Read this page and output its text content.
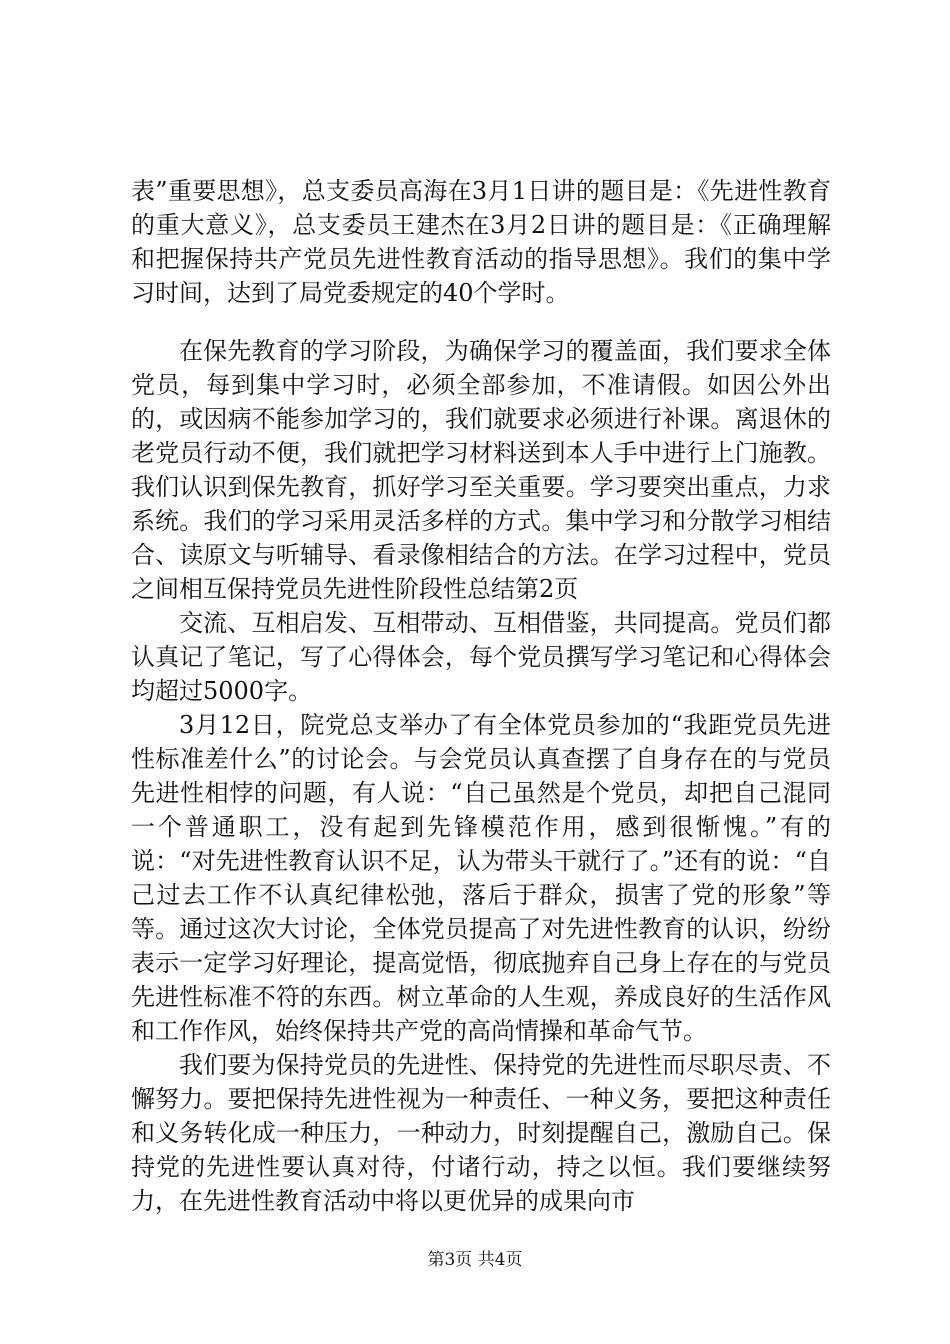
表”重要思想》，总支委员高海在3月1日讲的题目是：《先进性教育的重大意义》，总支委员王建杰在3月2日讲的题目是：《正确理解和把握保持共产党员先进性教育活动的指导思想》。我们的集中学习时间，达到了局党委规定的40个学时。

在保先教育的学习阶段，为确保学习的覆盖面，我们要求全体党员，每到集中学习时，必须全部参加，不准请假。如因公外出的，或因病不能参加学习的，我们就要求必须进行补课。离退休的老党员行动不便，我们就把学习材料送到本人手中进行上门施教。我们认识到保先教育，抓好学习至关重要。学习要突出重点，力求系统。我们的学习采用灵活多样的方式。集中学习和分散学习相结合、读原文与听辅导、看录像相结合的方法。在学习过程中，党员之间相互保持党员先进性阶段性总结第2页

交流、互相启发、互相带动、互相借鉴，共同提高。党员们都认真记了笔记，写了心得体会，每个党员撰写学习笔记和心得体会均超过5000字。

3月12日，院党总支举办了有全体党员参加的“我距党员先进性标准差什么”的讨论会。与会党员认真查摆了自身存在的与党员先进性相悖的问题，有人说：“自己虽然是个党员，却把自己混同一个普通职工，没有起到先锋模范作用，感到很惭愧。”有的说：“对先进性教育认识不足，认为带头干就行了。”还有的说：“自己过去工作不认真纪律松弛，落后于群众，损害了党的形象”等等。通过这次大讨论，全体党员提高了对先进性教育的认识，纷纷表示一定学习好理论，提高觉悟，彻底抛弃自己身上存在的与党员先进性标准不符的东西。树立革命的人生观，养成良好的生活作风和工作作风，始终保持共产党的高尚情操和革命气节。

我们要为保持党员的先进性、保持党的先进性而尽职尽责、不懈努力。要把保持先进性视为一种责任、一种义务，要把这种责任和义务转化成一种压力，一种动力，时刻提醒自己，激励自己。保持党的先进性要认真对待，付诸行动，持之以恒。我们要继续努力，在先进性教育活动中将以更优异的成果向市

第3页 共4页
